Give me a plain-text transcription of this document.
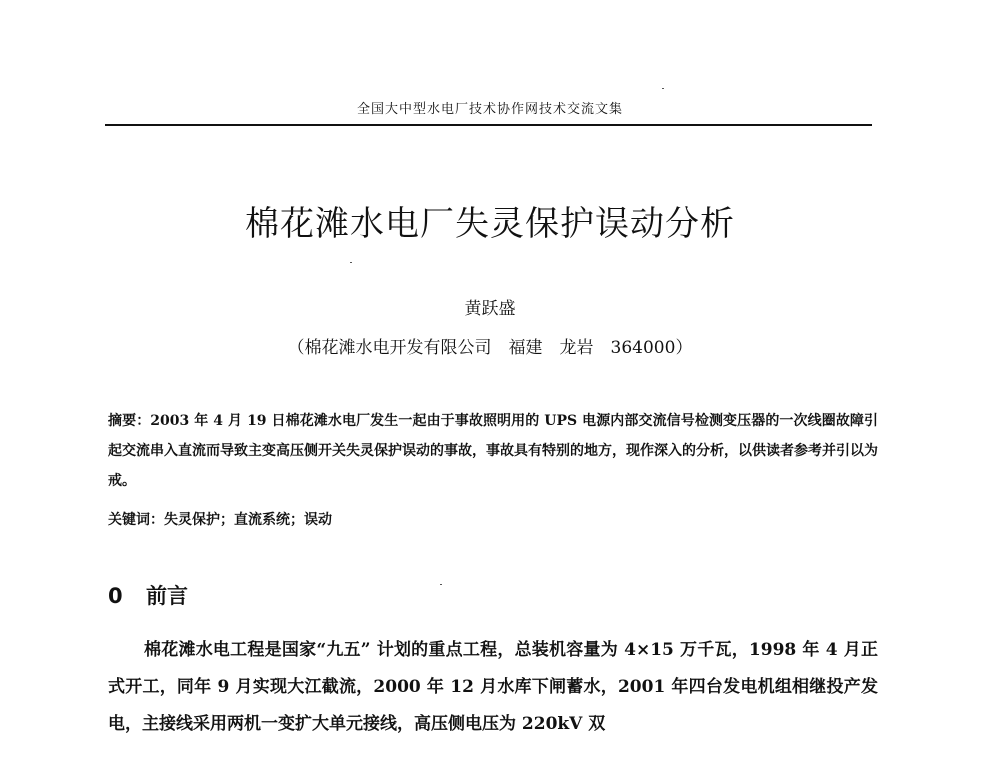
全国大中型水电厂技术协作网技术交流文集
棉花滩水电厂失灵保护误动分析
黄跃盛
（棉花滩水电开发有限公司　福建　龙岩　364000）
摘要：2003 年 4 月 19 日棉花滩水电厂发生一起由于事故照明用的 UPS 电源内部交流信号检测变压器的一次线圈故障引起交流串入直流而导致主变高压侧开关失灵保护误动的事故，事故具有特别的地方，现作深入的分析，以供读者参考并引以为戒。
关键词：失灵保护；直流系统；误动
0 前言
棉花滩水电工程是国家“九五” 计划的重点工程，总装机容量为 4×15 万千瓦，1998 年 4 月正式开工，同年 9 月实现大江截流，2000 年 12 月水库下闸蓄水，2001 年四台发电机组相继投产发电，主接线采用两机一变扩大单元接线，高压侧电压为 220kV 双
